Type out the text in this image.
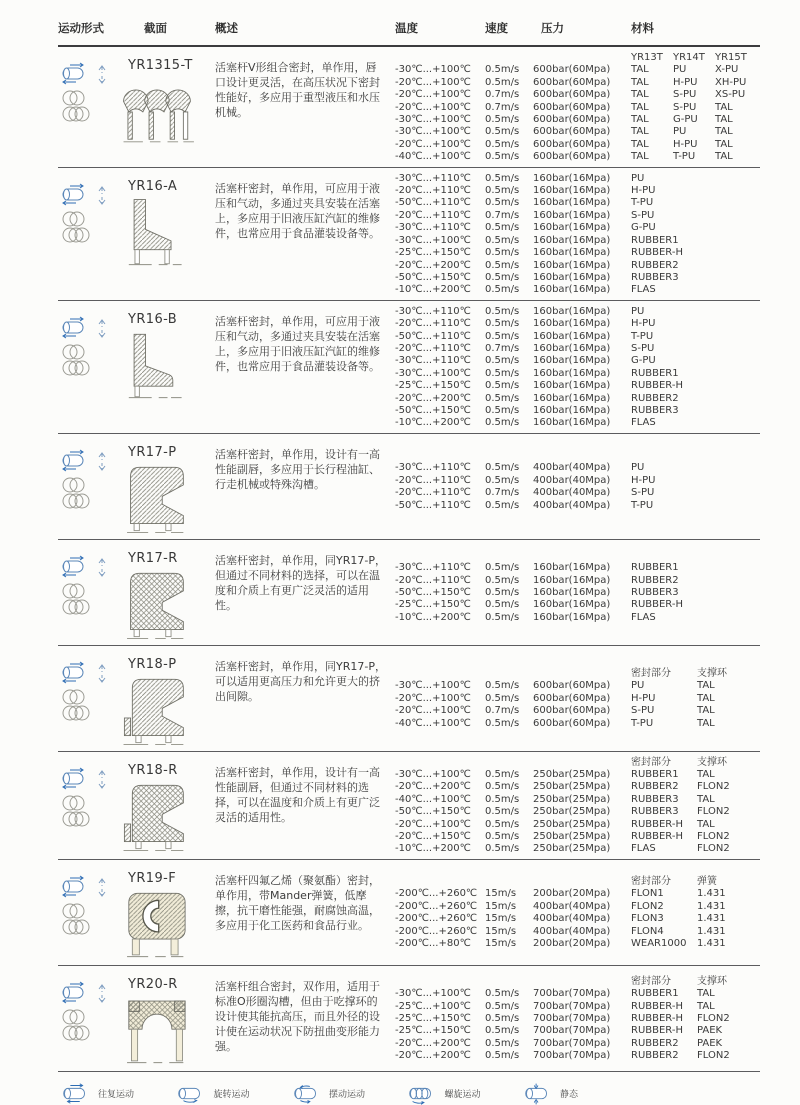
运动形式	截面	概述	温度	速度	压力	材料
YR1315-T	活塞杆V形组合密封，单作用，唇口设计更灵活，在高压状况下密封性能好，多应用于重型液压和水压机械。
YR13T	YR14T	YR15T
-30℃...+100℃	0.5m/s	600bar(60Mpa)	TAL	PU	X-PU
-20℃...+100℃	0.5m/s	600bar(60Mpa)	TAL	H-PU	XH-PU
-20℃...+100℃	0.7m/s	600bar(60Mpa)	TAL	S-PU	XS-PU
-20℃...+100℃	0.7m/s	600bar(60Mpa)	TAL	S-PU	TAL
-30℃...+100℃	0.5m/s	600bar(60Mpa)	TAL	G-PU	TAL
-30℃...+100℃	0.5m/s	600bar(60Mpa)	TAL	PU	TAL
-20℃...+100℃	0.5m/s	600bar(60Mpa)	TAL	H-PU	TAL
-40℃...+100℃	0.5m/s	600bar(60Mpa)	TAL	T-PU	TAL
YR16-A	活塞杆密封，单作用，可应用于液压和气动，多通过夹具安装在活塞上，多应用于旧液压缸汽缸的维修件，也常应用于食品灌装设备等。
-30℃...+110℃	0.5m/s	160bar(16Mpa)	PU
-20℃...+110℃	0.5m/s	160bar(16Mpa)	H-PU
-50℃...+110℃	0.5m/s	160bar(16Mpa)	T-PU
-20℃...+110℃	0.7m/s	160bar(16Mpa)	S-PU
-30℃...+110℃	0.5m/s	160bar(16Mpa)	G-PU
-30℃...+100℃	0.5m/s	160bar(16Mpa)	RUBBER1
-25℃...+150℃	0.5m/s	160bar(16Mpa)	RUBBER-H
-20℃...+200℃	0.5m/s	160bar(16Mpa)	RUBBER2
-50℃...+150℃	0.5m/s	160bar(16Mpa)	RUBBER3
-10℃...+200℃	0.5m/s	160bar(16Mpa)	FLAS
YR16-B	活塞杆密封，单作用，可应用于液压和气动，多通过夹具安装在活塞上，多应用于旧液压缸汽缸的维修件，也常应用于食品灌装设备等。
-30℃...+110℃	0.5m/s	160bar(16Mpa)	PU
-20℃...+110℃	0.5m/s	160bar(16Mpa)	H-PU
-50℃...+110℃	0.5m/s	160bar(16Mpa)	T-PU
-20℃...+110℃	0.7m/s	160bar(16Mpa)	S-PU
-30℃...+110℃	0.5m/s	160bar(16Mpa)	G-PU
-30℃...+100℃	0.5m/s	160bar(16Mpa)	RUBBER1
-25℃...+150℃	0.5m/s	160bar(16Mpa)	RUBBER-H
-20℃...+200℃	0.5m/s	160bar(16Mpa)	RUBBER2
-50℃...+150℃	0.5m/s	160bar(16Mpa)	RUBBER3
-10℃...+200℃	0.5m/s	160bar(16Mpa)	FLAS
YR17-P	活塞杆密封，单作用，设计有一高性能副唇，多应用于长行程油缸、行走机械或特殊沟槽。
-30℃...+110℃	0.5m/s	400bar(40Mpa)	PU
-20℃...+110℃	0.5m/s	400bar(40Mpa)	H-PU
-20℃...+110℃	0.7m/s	400bar(40Mpa)	S-PU
-50℃...+110℃	0.5m/s	400bar(40Mpa)	T-PU
YR17-R	活塞杆密封，单作用，同YR17-P，但通过不同材料的选择，可以在温度和介质上有更广泛灵活的适用性。
-30℃...+110℃	0.5m/s	160bar(16Mpa)	RUBBER1
-20℃...+110℃	0.5m/s	160bar(16Mpa)	RUBBER2
-50℃...+150℃	0.5m/s	160bar(16Mpa)	RUBBER3
-25℃...+150℃	0.5m/s	160bar(16Mpa)	RUBBER-H
-10℃...+200℃	0.5m/s	160bar(16Mpa)	FLAS
YR18-P	活塞杆密封，单作用，同YR17-P，可以适用更高压力和允许更大的挤出间隙。
密封部分	支撑环
-30℃...+100℃	0.5m/s	600bar(60Mpa)	PU	TAL
-20℃...+100℃	0.5m/s	600bar(60Mpa)	H-PU	TAL
-20℃...+100℃	0.7m/s	600bar(60Mpa)	S-PU	TAL
-40℃...+100℃	0.5m/s	600bar(60Mpa)	T-PU	TAL
YR18-R	活塞杆密封，单作用，设计有一高性能副唇，但通过不同材料的选择，可以在温度和介质上有更广泛灵活的适用性。
密封部分	支撑环
-30℃...+100℃	0.5m/s	250bar(25Mpa)	RUBBER1	TAL
-20℃...+200℃	0.5m/s	250bar(25Mpa)	RUBBER2	FLON2
-40℃...+100℃	0.5m/s	250bar(25Mpa)	RUBBER3	TAL
-50℃...+150℃	0.5m/s	250bar(25Mpa)	RUBBER3	FLON2
-20℃...+100℃	0.5m/s	250bar(25Mpa)	RUBBER-H	TAL
-20℃...+150℃	0.5m/s	250bar(25Mpa)	RUBBER-H	FLON2
-10℃...+200℃	0.5m/s	250bar(25Mpa)	FLAS	FLON2
YR19-F	活塞杆四氟乙烯（聚氨酯）密封，单作用，带Mander弹簧，低摩擦，抗干磨性能强，耐腐蚀高温，多应用于化工医药和食品行业。
密封部分	弹簧
-200℃...+260℃ 15m/s	200bar(20Mpa)	FLON1	1.431
-200℃...+260℃ 15m/s	400bar(40Mpa)	FLON2	1.431
-200℃...+260℃ 15m/s	400bar(40Mpa)	FLON3	1.431
-200℃...+260℃ 15m/s	400bar(40Mpa)	FLON4	1.431
-200℃...+80℃	15m/s	200bar(20Mpa)	WEAR1000	1.431
YR20-R	活塞杆组合密封，双作用，适用于标准O形圈沟槽，但由于吃撑环的设计使其能抗高压，而且外径的设计使在运动状况下防扭曲变形能力强。
密封部分	支撑环
-30℃...+100℃	0.5m/s	700bar(70Mpa)	RUBBER1	TAL
-25℃...+100℃	0.5m/s	700bar(70Mpa)	RUBBER-H	TAL
-25℃...+150℃	0.5m/s	700bar(70Mpa)	RUBBER-H	FLON2
-25℃...+150℃	0.5m/s	700bar(70Mpa)	RUBBER-H	PAEK
-20℃...+200℃	0.5m/s	700bar(70Mpa)	RUBBER2	PAEK
-20℃...+200℃	0.5m/s	700bar(70Mpa)	RUBBER2	FLON2
往复运动	旋转运动	摆动运动	螺旋运动	静态
